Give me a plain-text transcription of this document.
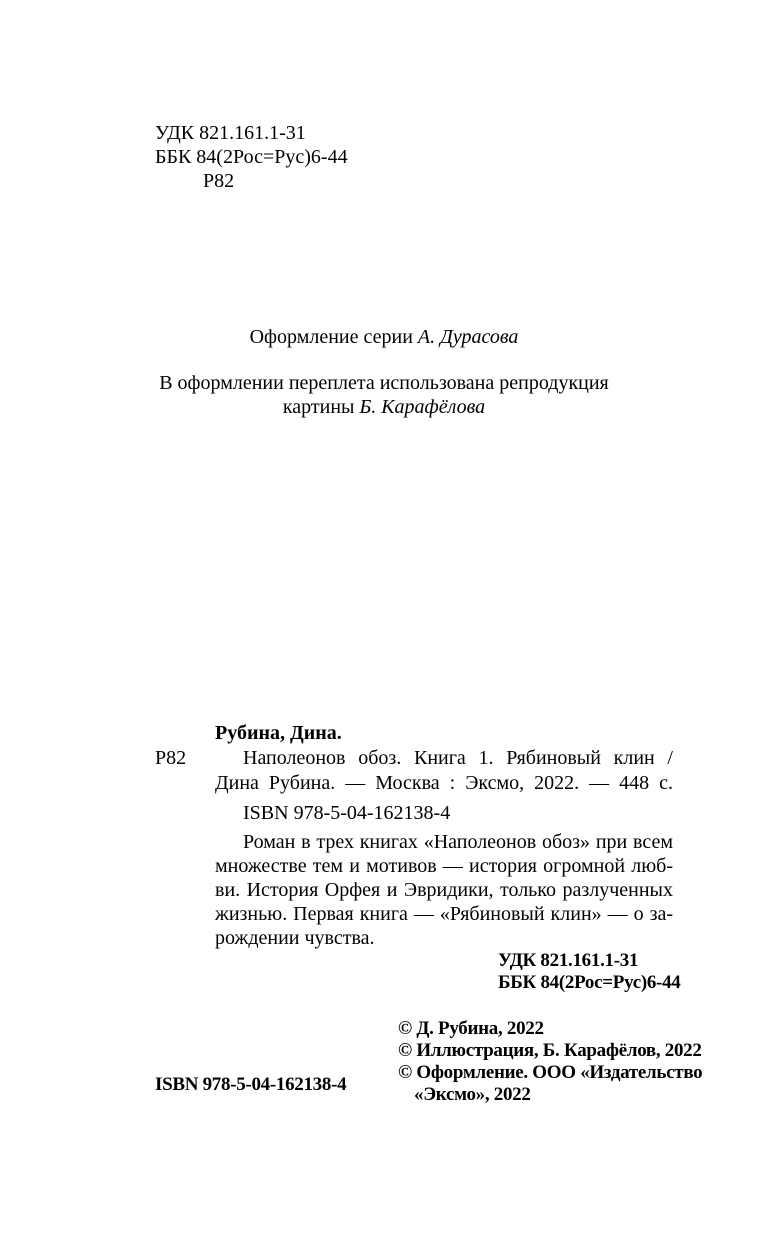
УДК 821.161.1-31
ББК 84(2Рос=Рус)6-44
Р82
Оформление серии А. Дурасова
В оформлении переплета использована репродукция
картины Б. Карафёлова
Рубина, Дина.
Р82	Наполеонов обоз. Книга 1. Рябиновый клин /
Дина Рубина. — Москва : Эксмо, 2022. — 448 с.
ISBN 978-5-04-162138-4
Роман в трех книгах «Наполеонов обоз» при всем
множестве тем и мотивов — история огромной люб-
ви. История Орфея и Эвридики, только разлученных
жизнью. Первая книга — «Рябиновый клин» — о за-
рождении чувства.
УДК 821.161.1-31
ББК 84(2Рос=Рус)6-44
© Д. Рубина, 2022
© Иллюстрация, Б. Карафёлов, 2022
© Оформление. ООО «Издательство
ISBN 978-5-04-162138-4	«Эксмо», 2022
